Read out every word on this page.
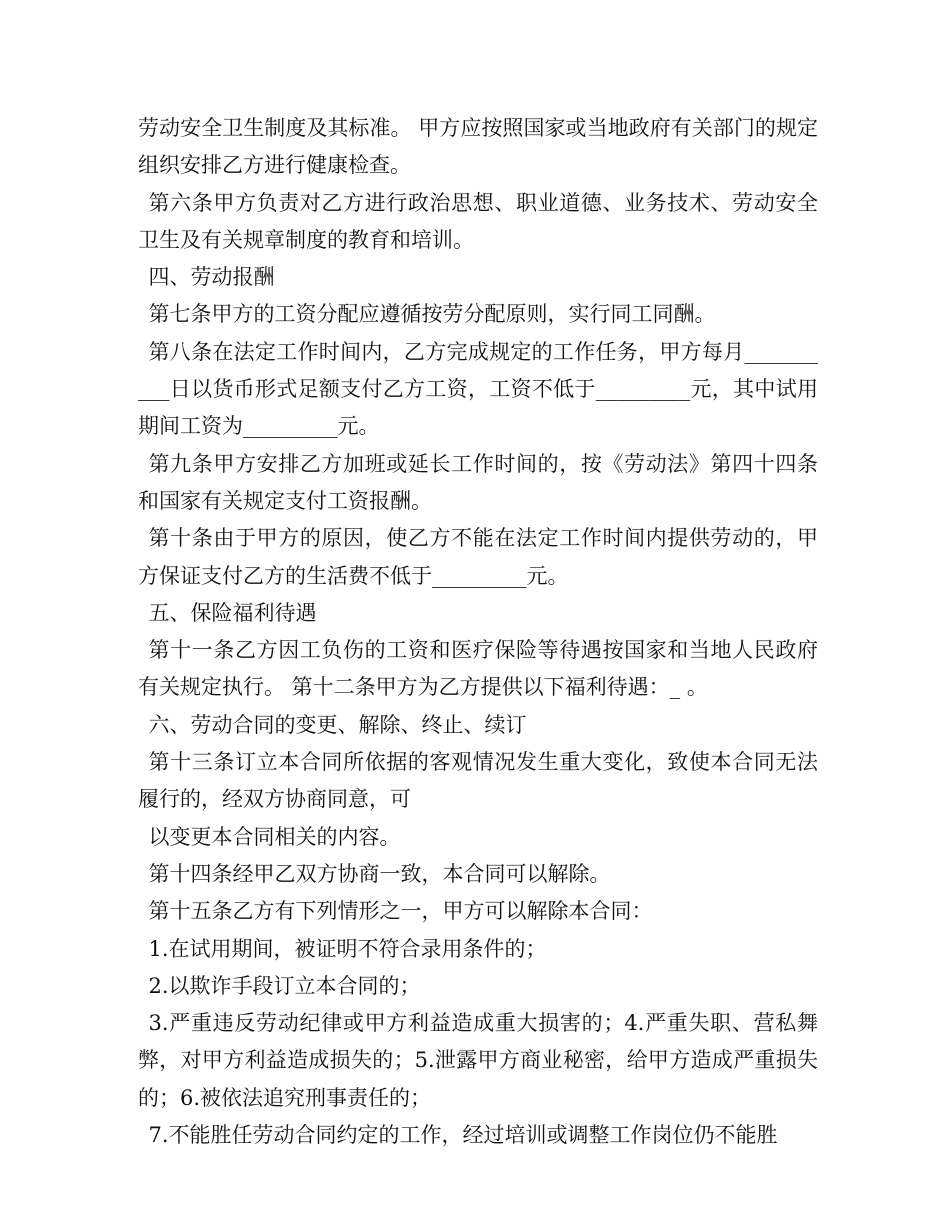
劳动安全卫生制度及其标准。 甲方应按照国家或当地政府有关部门的规定组织安排乙方进行健康检查。

第六条甲方负责对乙方进行政治思想、职业道德、业务技术、劳动安全卫生及有关规章制度的教育和培训。

四、劳动报酬

第七条甲方的工资分配应遵循按劳分配原则，实行同工同酬。

第八条在法定工作时间内，乙方完成规定的工作任务，甲方每月__________日以货币形式足额支付乙方工资，工资不低于_________元，其中试用期间工资为_________元。

第九条甲方安排乙方加班或延长工作时间的，按《劳动法》第四十四条和国家有关规定支付工资报酬。

第十条由于甲方的原因，使乙方不能在法定工作时间内提供劳动的，甲方保证支付乙方的生活费不低于_________元。

五、保险福利待遇

第十一条乙方因工负伤的工资和医疗保险等待遇按国家和当地人民政府有关规定执行。 第十二条甲方为乙方提供以下福利待遇：_ 。

六、劳动合同的变更、解除、终止、续订

第十三条订立本合同所依据的客观情况发生重大变化，致使本合同无法履行的，经双方协商同意，可

以变更本合同相关的内容。

第十四条经甲乙双方协商一致，本合同可以解除。

第十五条乙方有下列情形之一，甲方可以解除本合同：

1.在试用期间，被证明不符合录用条件的；

2.以欺诈手段订立本合同的；

3.严重违反劳动纪律或甲方利益造成重大损害的；4.严重失职、营私舞弊，对甲方利益造成损失的；5.泄露甲方商业秘密，给甲方造成严重损失的；6.被依法追究刑事责任的；

7.不能胜任劳动合同约定的工作，经过培训或调整工作岗位仍不能胜
